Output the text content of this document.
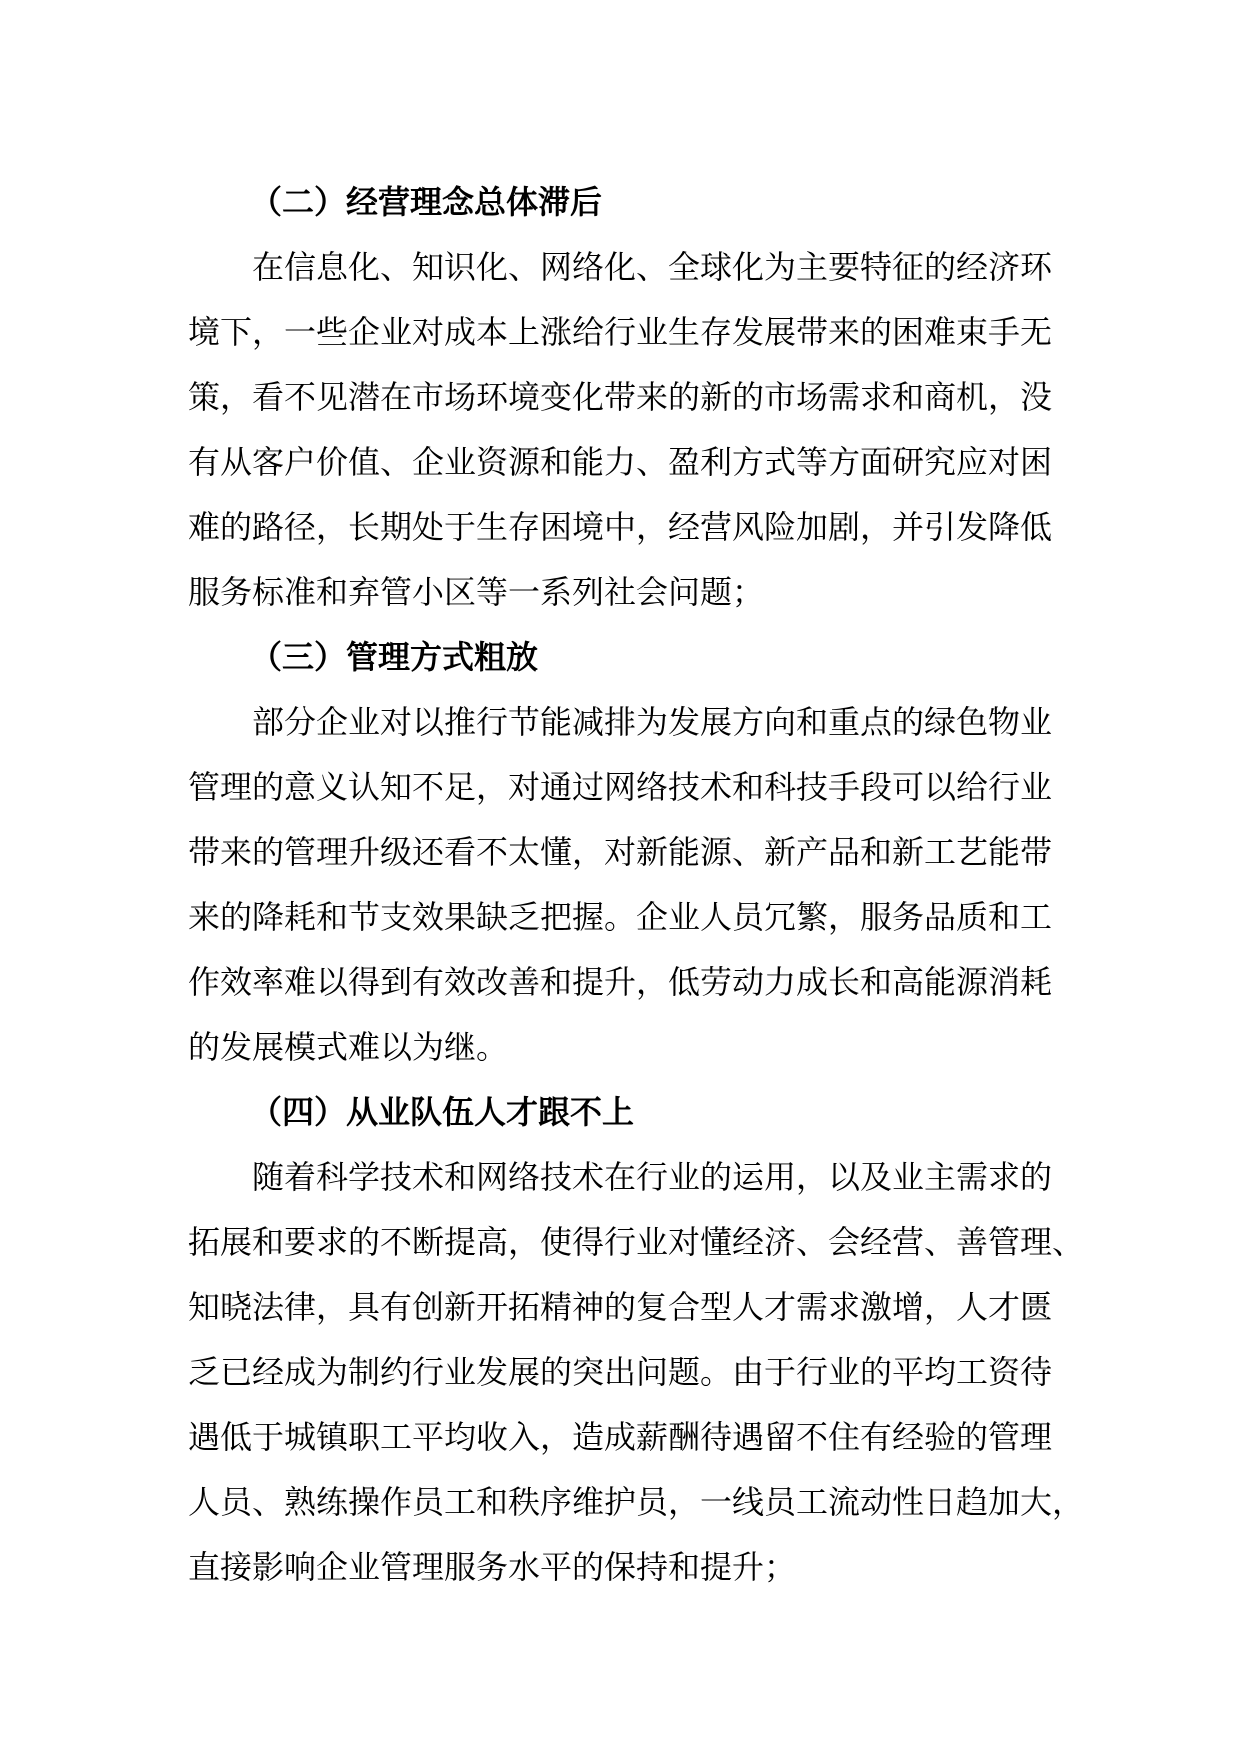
（二）经营理念总体滞后

在信息化、知识化、网络化、全球化为主要特征的经济环
境下，一些企业对成本上涨给行业生存发展带来的困难束手无
策，看不见潜在市场环境变化带来的新的市场需求和商机，没
有从客户价值、企业资源和能力、盈利方式等方面研究应对困
难的路径，长期处于生存困境中，经营风险加剧，并引发降低
服务标准和弃管小区等一系列社会问题；

（三）管理方式粗放

部分企业对以推行节能减排为发展方向和重点的绿色物业
管理的意义认知不足，对通过网络技术和科技手段可以给行业
带来的管理升级还看不太懂，对新能源、新产品和新工艺能带
来的降耗和节支效果缺乏把握。企业人员冗繁，服务品质和工
作效率难以得到有效改善和提升，低劳动力成长和高能源消耗
的发展模式难以为继。

（四）从业队伍人才跟不上

随着科学技术和网络技术在行业的运用，以及业主需求的
拓展和要求的不断提高，使得行业对懂经济、会经营、善管理、
知晓法律，具有创新开拓精神的复合型人才需求激增，人才匮
乏已经成为制约行业发展的突出问题。由于行业的平均工资待
遇低于城镇职工平均收入，造成薪酬待遇留不住有经验的管理
人员、熟练操作员工和秩序维护员，一线员工流动性日趋加大，
直接影响企业管理服务水平的保持和提升；
